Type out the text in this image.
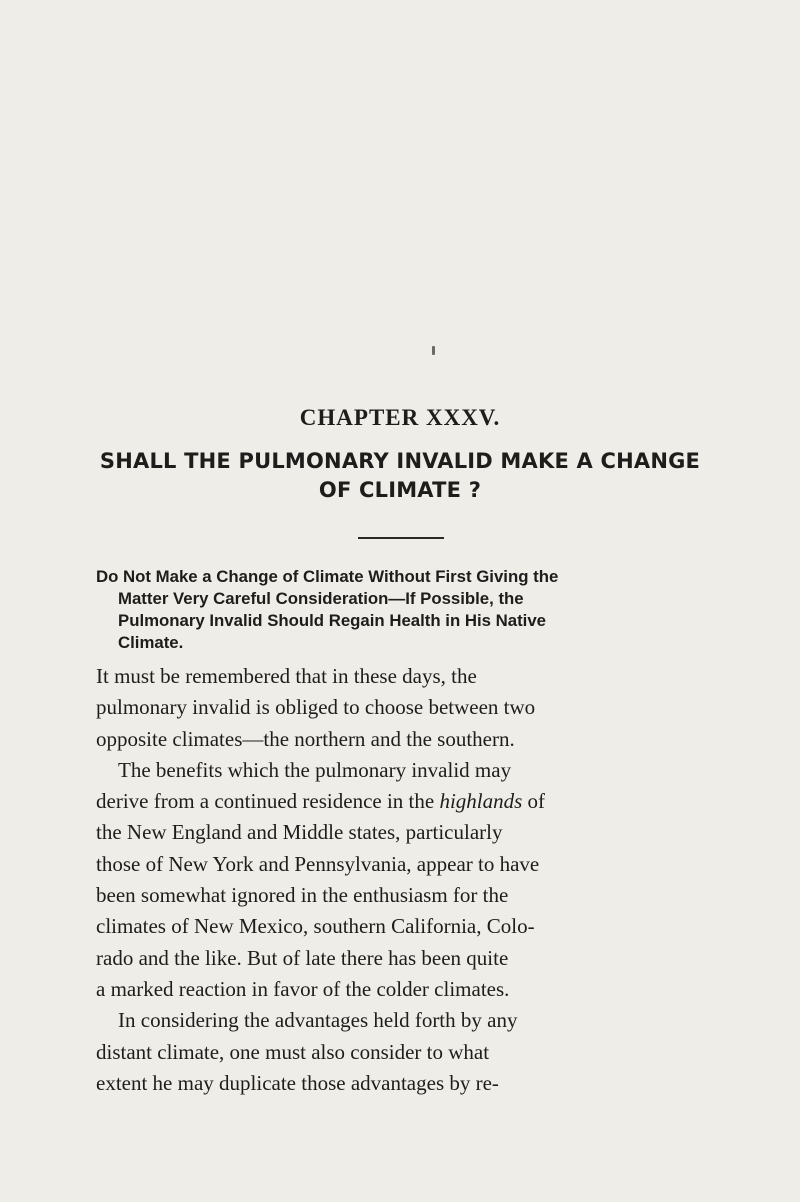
CHAPTER XXXV.
SHALL THE PULMONARY INVALID MAKE A CHANGE
OF CLIMATE ?
Do Not Make a Change of Climate Without First Giving the
Matter Very Careful Consideration—If Possible, the
Pulmonary Invalid Should Regain Health in His Native
Climate.

It must be remembered that in these days, the
pulmonary invalid is obliged to choose between two
opposite climates—the northern and the southern.

The benefits which the pulmonary invalid may
derive from a continued residence in the highlands of
the New England and Middle states, particularly
those of New York and Pennsylvania, appear to have
been somewhat ignored in the enthusiasm for the
climates of New Mexico, southern California, Colo-
rado and the like. But of late there has been quite
a marked reaction in favor of the colder climates.

In considering the advantages held forth by any
distant climate, one must also consider to what
extent he may duplicate those advantages by re-
